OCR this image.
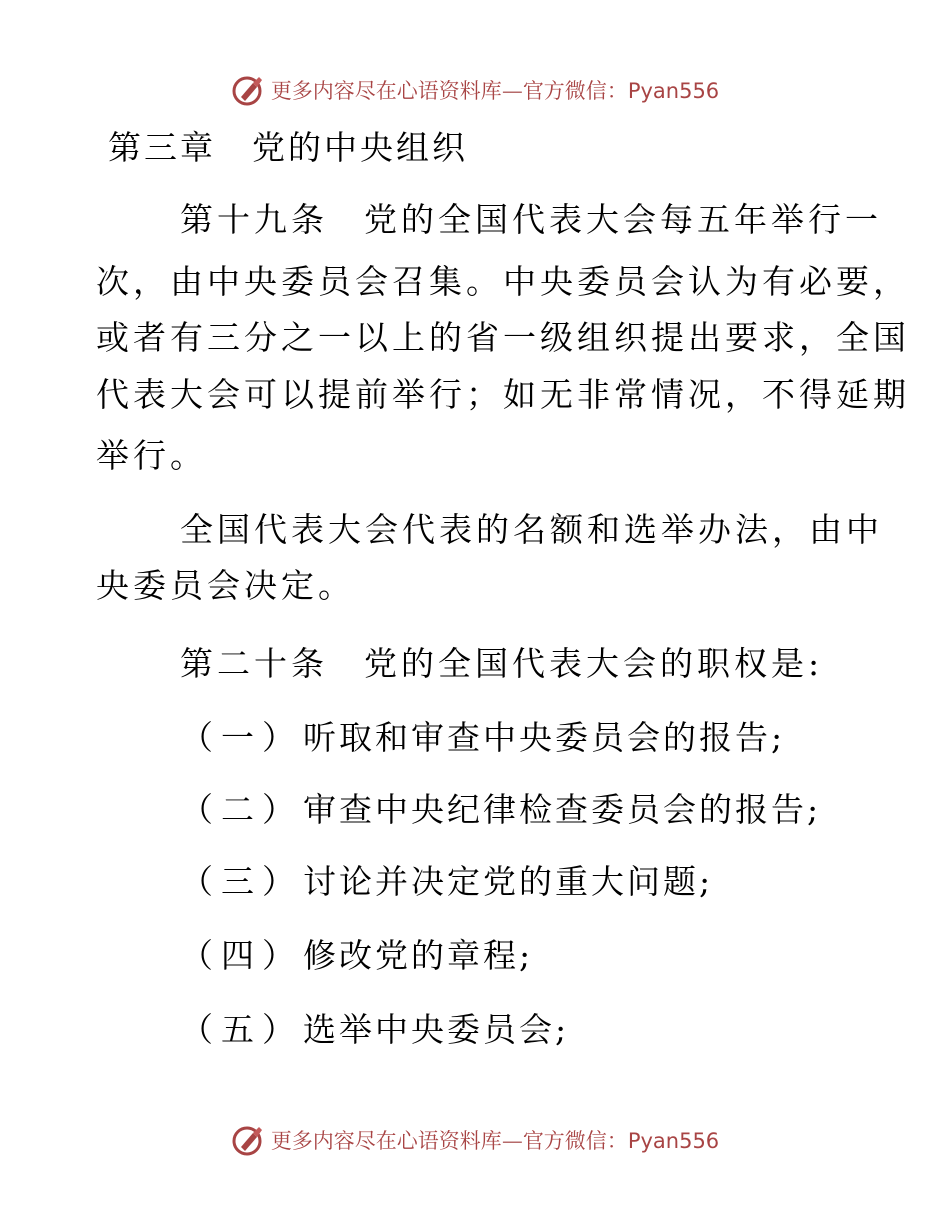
更多内容尽在心语资料库—官方微信：Pyan556
第三章 党的中央组织
第十九条 党的全国代表大会每五年举行一
次，由中央委员会召集。中央委员会认为有必要，
或者有三分之一以上的省一级组织提出要求，全国
代表大会可以提前举行；如无非常情况，不得延期
举行。
全国代表大会代表的名额和选举办法，由中
央委员会决定。
第二十条 党的全国代表大会的职权是:
（一）听取和审查中央委员会的报告;
（二）审查中央纪律检查委员会的报告;
（三）讨论并决定党的重大问题;
（四）修改党的章程;
（五）选举中央委员会;
更多内容尽在心语资料库—官方微信：Pyan556
